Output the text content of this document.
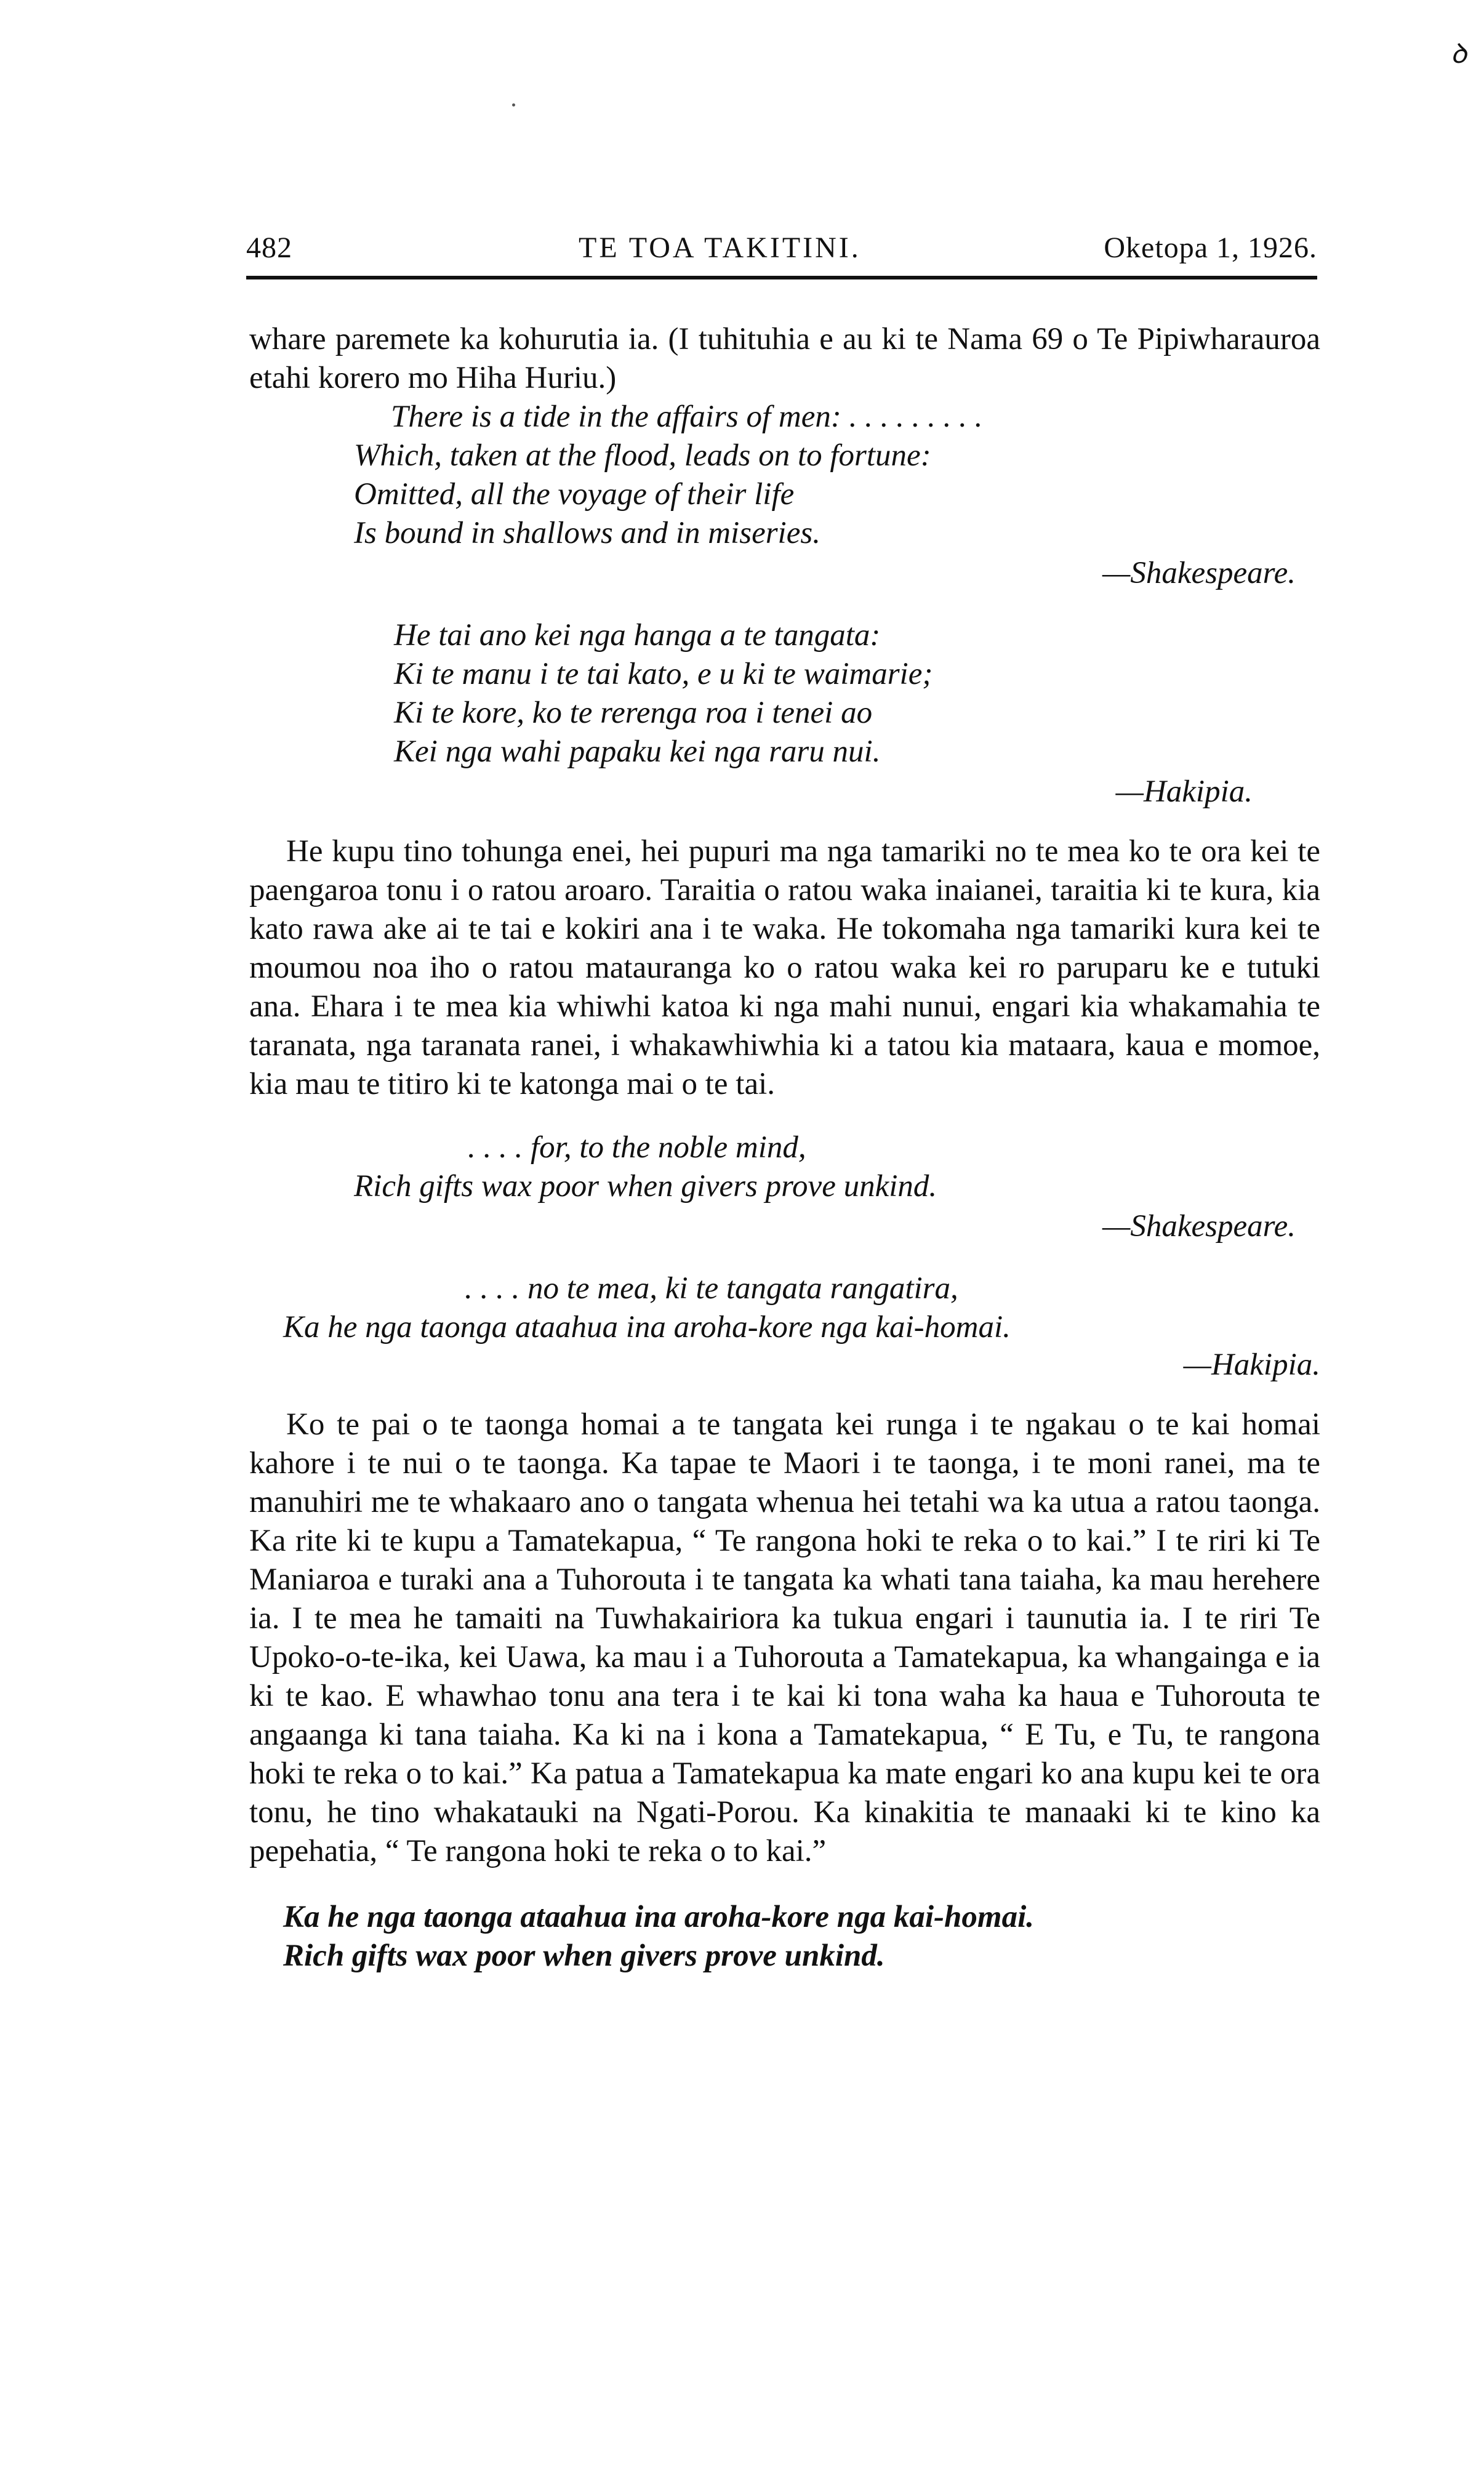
ꝺ
482	TE TOA TAKITINI.	Oketopa 1, 1926.

whare paremete ka kohurutia ia. (I tuhituhia e au ki te Nama 69 o Te Pipiwharauroa etahi korero mo Hiha Huriu.)

There is a tide in the affairs of men: . . . . . . . . .
Which, taken at the flood, leads on to fortune:
Omitted, all the voyage of their life
Is bound in shallows and in miseries.
—Shakespeare.
He tai ano kei nga hanga a te tangata:
Ki te manu i te tai kato, e u ki te waimarie;
Ki te kore, ko te rerenga roa i tenei ao
Kei nga wahi papaku kei nga raru nui.
—Hakipia.

He kupu tino tohunga enei, hei pupuri ma nga tamariki no te mea ko te ora kei te paengaroa tonu i o ratou aroaro. Taraitia o ratou waka inaianei, taraitia ki te kura, kia kato rawa ake ai te tai e kokiri ana i te waka. He tokomaha nga tamariki kura kei te moumou noa iho o ratou matauranga ko o ratou waka kei ro paruparu ke e tutuki ana. Ehara i te mea kia whiwhi katoa ki nga mahi nunui, engari kia whakamahia te taranata, nga taranata ranei, i whakawhiwhia ki a tatou kia mataara, kaua e momoe, kia mau te titiro ki te katonga mai o te tai.

. . . . for, to the noble mind,
Rich gifts wax poor when givers prove unkind.
—Shakespeare.
. . . . no te mea, ki te tangata rangatira,
Ka he nga taonga ataahua ina aroha-kore nga kai-homai.
—Hakipia.

Ko te pai o te taonga homai a te tangata kei runga i te ngakau o te kai homai kahore i te nui o te taonga. Ka tapae te Maori i te taonga, i te moni ranei, ma te manuhiri me te whakaaro ano o tangata whenua hei tetahi wa ka utua a ratou taonga. Ka rite ki te kupu a Tamatekapua, “ Te rangona hoki te reka o to kai.” I te riri ki Te Maniaroa e turaki ana a Tuhorouta i te tangata ka whati tana taiaha, ka mau herehere ia. I te mea he tamaiti na Tuwhakairiora ka tukua engari i taunutia ia. I te riri Te Upoko-o-te-ika, kei Uawa, ka mau i a Tuhorouta a Tamatekapua, ka whangainga e ia ki te kao. E whawhao tonu ana tera i te kai ki tona waha ka haua e Tuhorouta te angaanga ki tana taiaha. Ka ki na i kona a Tamatekapua, “ E Tu, e Tu, te rangona hoki te reka o to kai.” Ka patua a Tamatekapua ka mate engari ko ana kupu kei te ora tonu, he tino whakatauki na Ngati-Porou. Ka kinakitia te manaaki ki te kino ka pepehatia, “ Te rangona hoki te reka o to kai.”

Ka he nga taonga ataahua ina aroha-kore nga kai-homai.
Rich gifts wax poor when givers prove unkind.
